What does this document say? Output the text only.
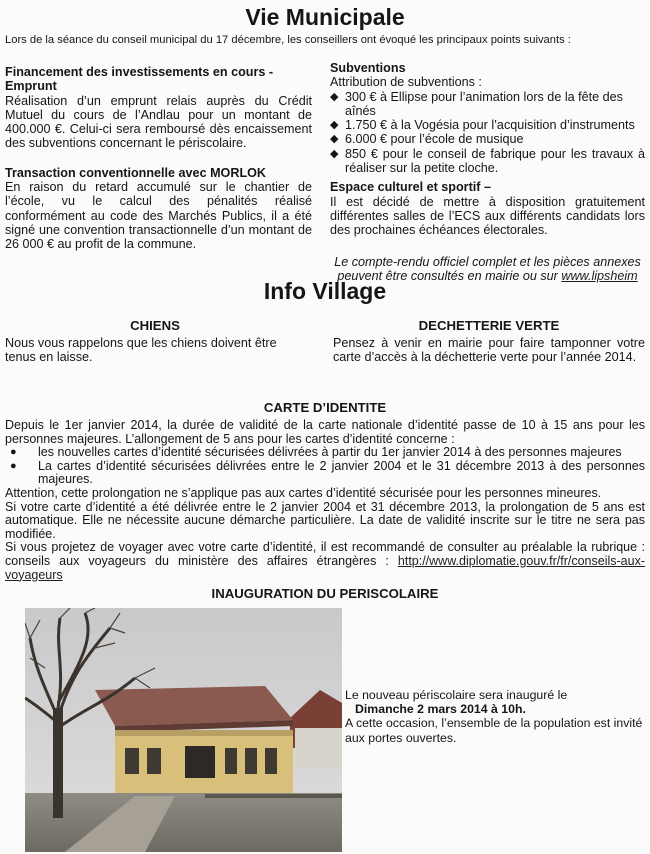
Vie Municipale
Lors de la séance du conseil municipal du 17 décembre, les conseillers ont évoqué les principaux points suivants :
Financement des investissements en cours - Emprunt
Réalisation d’un emprunt relais auprès du Crédit Mutuel du cours de l’Andlau pour un montant de 400.000 €. Celui-ci sera remboursé dès encaissement des subventions concernant le périscolaire.
Transaction conventionnelle avec MORLOK
En raison du retard accumulé sur le chantier de l’école, vu le calcul des pénalités réalisé conformément au code des Marchés Publics, il a été signé une convention transactionnelle d’un montant de 26 000 € au profit de la commune.
Subventions
Attribution de subventions :
◆ 300 € à Ellipse pour l’animation lors de la fête des aînés
◆ 1.750 € à la Vogésia pour l’acquisition d’instruments
◆ 6.000 € pour l’école de musique
◆ 850 € pour le conseil de fabrique pour les travaux à réaliser sur la petite cloche.
Espace culturel et sportif –
Il est décidé de mettre à disposition gratuitement différentes salles de l’ECS aux différents candidats lors des prochaines échéances électorales.
Le compte-rendu officiel complet et les pièces annexes peuvent être consultés en mairie ou sur www.lipsheim
Info Village
CHIENS
Nous vous rappelons que les chiens doivent être tenus en laisse.
DECHETTERIE VERTE
Pensez à venir en mairie pour faire tamponner votre carte d’accès à la déchetterie verte pour l’année 2014.
CARTE D’IDENTITE
Depuis le 1er janvier 2014, la durée de validité de la carte nationale d’identité passe de 10 à 15 ans pour les personnes majeures. L’allongement de 5 ans pour les cartes d’identité concerne :
● les nouvelles cartes d’identité sécurisées délivrées à partir du 1er janvier 2014 à des personnes majeures
● La cartes d’identité sécurisées délivrées entre le 2 janvier 2004 et le 31 décembre 2013 à des personnes majeures.
Attention, cette prolongation ne s’applique pas aux cartes d’identité sécurisée pour les personnes mineures.
Si votre carte d’identité a été délivrée entre le 2 janvier 2004 et 31 décembre 2013, la prolongation de 5 ans est automatique. Elle ne nécessite aucune démarche particulière. La date de validité inscrite sur le titre ne sera pas modifiée.
Si vous projetez de voyager avec votre carte d’identité, il est recommandé de consulter au préalable la rubrique : conseils aux voyageurs du ministère des affaires étrangères : http://www.diplomatie.gouv.fr/fr/conseils-aux-voyageurs
INAUGURATION DU PERISCOLAIRE
Le nouveau périscolaire sera inauguré le
Dimanche 2 mars 2014 à 10h.
A cette occasion, l’ensemble de la population est invité aux portes ouvertes.
